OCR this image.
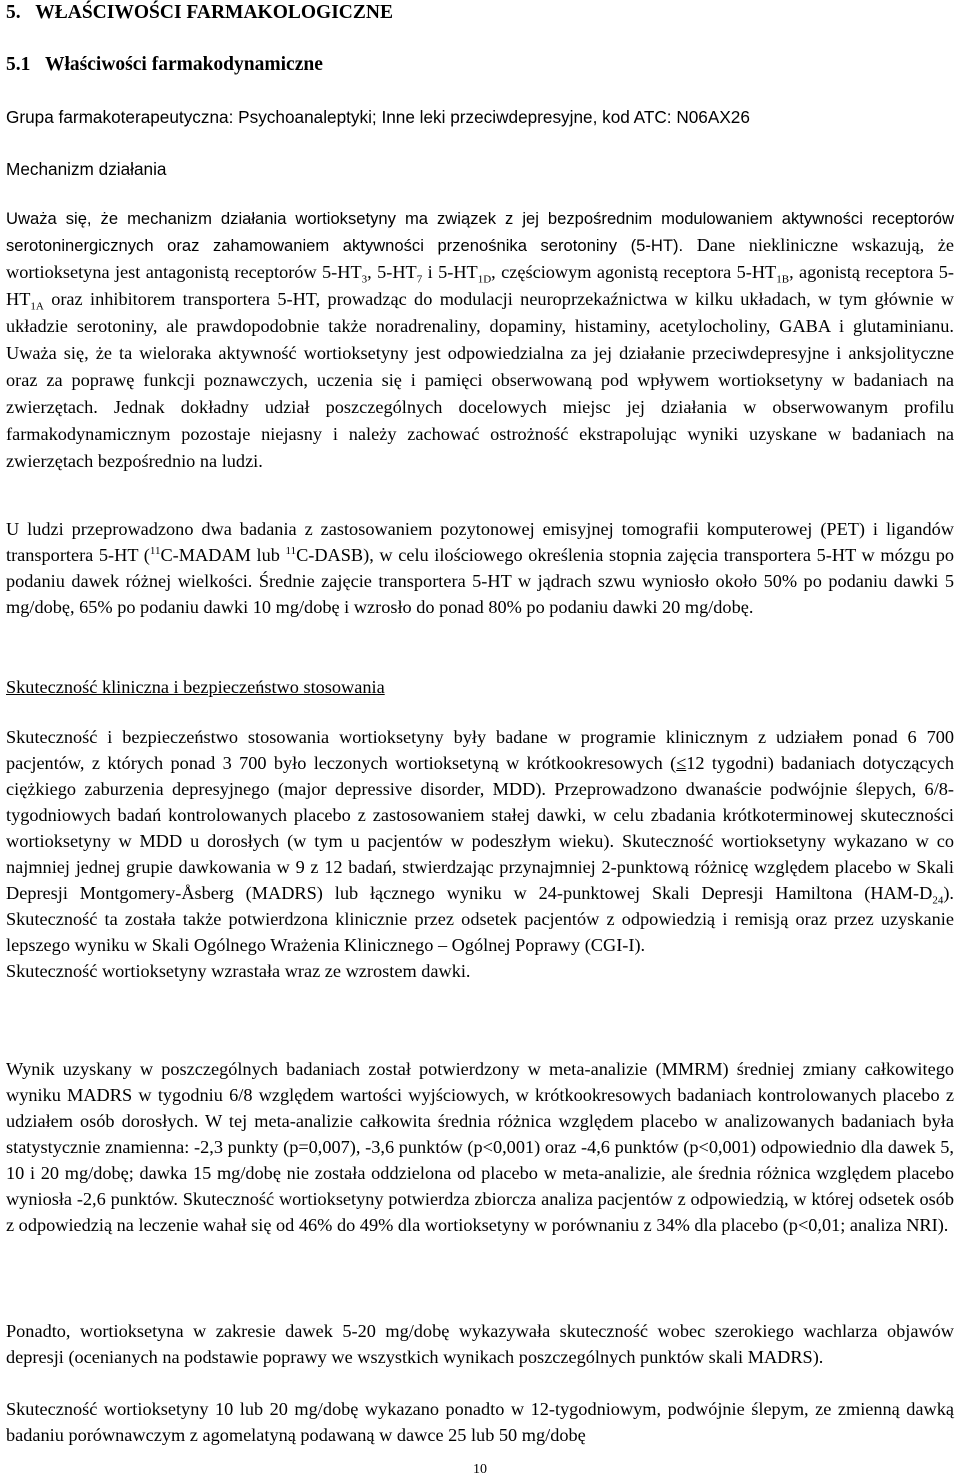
5.   WŁAŚCIWOŚCI FARMAKOLOGICZNE

5.1   Właściwości farmakodynamiczne

Grupa farmakoterapeutyczna: Psychoanaleptyki; Inne leki przeciwdepresyjne, kod ATC: N06AX26

Mechanizm działania

Uważa się, że mechanizm działania wortioksetyny ma związek z jej bezpośrednim modulowaniem aktywności receptorów serotoninergicznych oraz zahamowaniem aktywności przenośnika serotoniny (5-HT). Dane niekliniczne wskazują, że wortioksetyna jest antagonistą receptorów $5-HT_3$, $5-HT_7$ i $5-HT_{1D}$, częściowym agonistą receptora $5-HT_{1B}$, agonistą receptora $5-HT_{1A}$ oraz inhibitorem transportera 5-HT, prowadząc do modulacji neuroprzekaźnictwa w kilku układach, w tym głównie w układzie serotoniny, ale prawdopodobnie także noradrenaliny, dopaminy, histaminy, acetylocholiny, GABA i glutaminianu. Uważa się, że ta wieloraka aktywność wortioksetyny jest odpowiedzialna za jej działanie przeciwdepresyjne i anksjolityczne oraz za poprawę funkcji poznawczych, uczenia się i pamięci obserwowaną pod wpływem wortioksetyny w badaniach na zwierzętach. Jednak dokładny udział poszczególnych docelowych miejsc jej działania w obserwowanym profilu farmakodynamicznym pozostaje niejasny i należy zachować ostrożność ekstrapolując wyniki uzyskane w badaniach na zwierzętach bezpośrednio na ludzi.

U ludzi przeprowadzono dwa badania z zastosowaniem pozytonowej emisyjnej tomografii komputerowej (PET) i ligandów transportera 5-HT ($^{11}$C-MADAM lub $^{11}$C-DASB), w celu ilościowego określenia stopnia zajęcia transportera 5-HT w mózgu po podaniu dawek różnej wielkości. Średnie zajęcie transportera 5-HT w jądrach szwu wyniosło około 50% po podaniu dawki 5 mg/dobę, 65% po podaniu dawki 10 mg/dobę i wzrosło do ponad 80% po podaniu dawki 20 mg/dobę.

Skuteczność kliniczna i bezpieczeństwo stosowania

Skuteczność i bezpieczeństwo stosowania wortioksetyny były badane w programie klinicznym z udziałem ponad 6 700 pacjentów, z których ponad 3 700 było leczonych wortioksetyną w krótkookresowych (≤12 tygodni) badaniach dotyczących ciężkiego zaburzenia depresyjnego (major depressive disorder, MDD). Przeprowadzono dwanaście podwójnie ślepych, 6/8-tygodniowych badań kontrolowanych placebo z zastosowaniem stałej dawki, w celu zbadania krótkoterminowej skuteczności wortioksetyny w MDD u dorosłych (w tym u pacjentów w podeszłym wieku). Skuteczność wortioksetyny wykazano w co najmniej jednej grupie dawkowania w 9 z 12 badań, stwierdzając przynajmniej 2-punktową różnicę względem placebo w Skali Depresji Montgomery-Åsberg (MADRS) lub łącznego wyniku w 24-punktowej Skali Depresji Hamiltona $(HAM-D_{24})$. Skuteczność ta została także potwierdzona klinicznie przez odsetek pacjentów z odpowiedzią i remisją oraz przez uzyskanie lepszego wyniku w Skali Ogólnego Wrażenia Klinicznego – Ogólnej Poprawy (CGI-I).

Skuteczność wortioksetyny wzrastała wraz ze wzrostem dawki.

Wynik uzyskany w poszczególnych badaniach został potwierdzony w meta-analizie (MMRM) średniej zmiany całkowitego wyniku MADRS w tygodniu 6/8 względem wartości wyjściowych, w krótkookresowych badaniach kontrolowanych placebo z udziałem osób dorosłych. W tej meta-analizie całkowita średnia różnica względem placebo w analizowanych badaniach była statystycznie znamienna: -2,3 punkty (p=0,007), -3,6 punktów (p<0,001) oraz -4,6 punktów (p<0,001) odpowiednio dla dawek 5, 10 i 20 mg/dobę; dawka 15 mg/dobę nie została oddzielona od placebo w meta-analizie, ale średnia różnica względem placebo wyniosła -2,6 punktów. Skuteczność wortioksetyny potwierdza zbiorcza analiza pacjentów z odpowiedzią, w której odsetek osób z odpowiedzią na leczenie wahał się od 46% do 49% dla wortioksetyny w porównaniu z 34% dla placebo (p<0,01; analiza NRI).

Ponadto, wortioksetyna w zakresie dawek 5-20 mg/dobę wykazywała skuteczność wobec szerokiego wachlarza objawów depresji (ocenianych na podstawie poprawy we wszystkich wynikach poszczególnych punktów skali MADRS).

Skuteczność wortioksetyny 10 lub 20 mg/dobę wykazano ponadto w 12-tygodniowym, podwójnie ślepym, ze zmienną dawką badaniu porównawczym z agomelatyną podawaną w dawce 25 lub 50 mg/dobę

10
